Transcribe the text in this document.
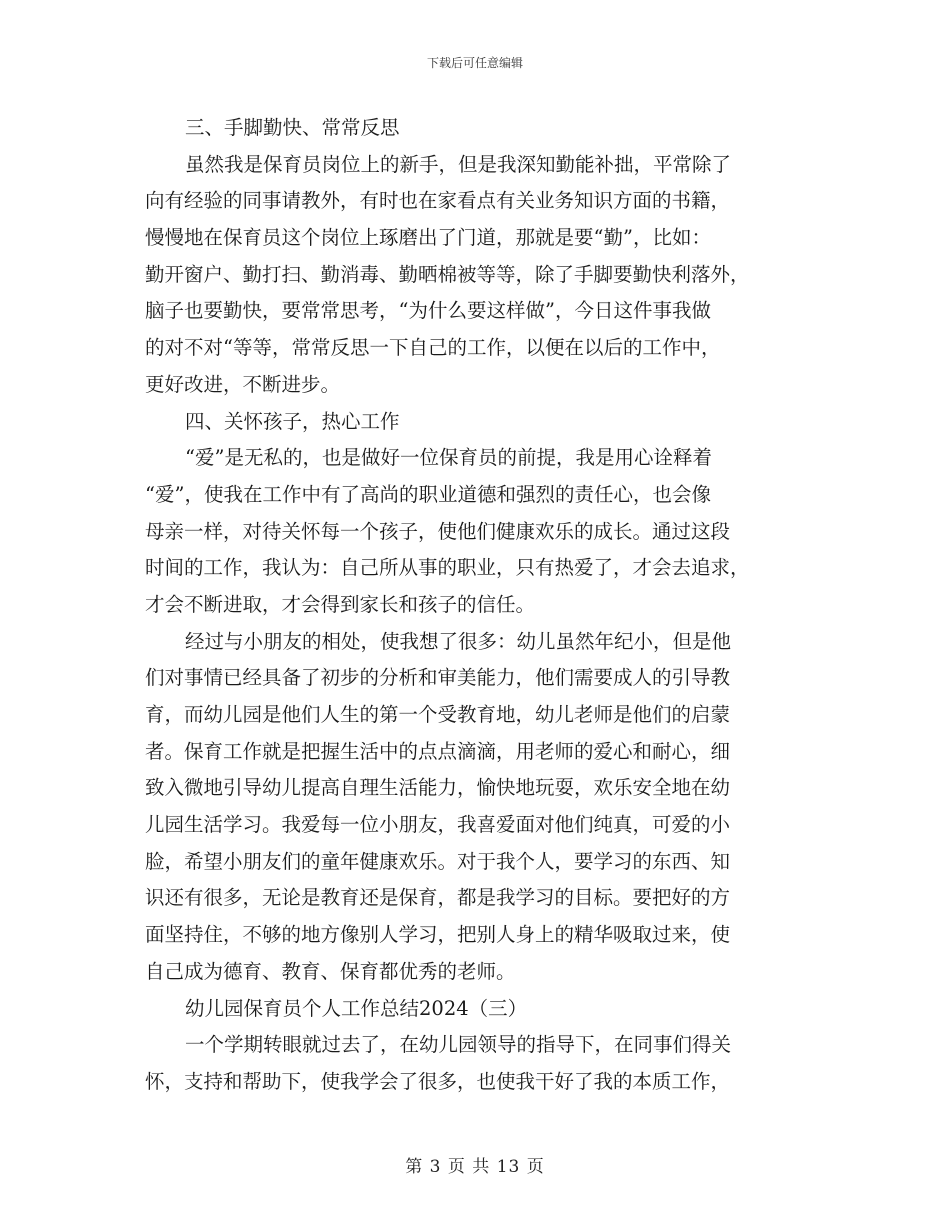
下载后可任意编辑
三、手脚勤快、常常反思
虽然我是保育员岗位上的新手，但是我深知勤能补拙，平常除了
向有经验的同事请教外，有时也在家看点有关业务知识方面的书籍，
慢慢地在保育员这个岗位上琢磨出了门道，那就是要“勤”，比如：
勤开窗户、勤打扫、勤消毒、勤晒棉被等等，除了手脚要勤快利落外，
脑子也要勤快，要常常思考，“为什么要这样做”，今日这件事我做
的对不对“等等，常常反思一下自己的工作，以便在以后的工作中，
更好改进，不断进步。
四、关怀孩子，热心工作
“爱”是无私的，也是做好一位保育员的前提，我是用心诠释着
“爱”，使我在工作中有了高尚的职业道德和强烈的责任心，也会像
母亲一样，对待关怀每一个孩子，使他们健康欢乐的成长。通过这段
时间的工作，我认为：自己所从事的职业，只有热爱了，才会去追求，
才会不断进取，才会得到家长和孩子的信任。
经过与小朋友的相处，使我想了很多：幼儿虽然年纪小，但是他
们对事情已经具备了初步的分析和审美能力，他们需要成人的引导教
育，而幼儿园是他们人生的第一个受教育地，幼儿老师是他们的启蒙
者。保育工作就是把握生活中的点点滴滴，用老师的爱心和耐心，细
致入微地引导幼儿提高自理生活能力，愉快地玩耍，欢乐安全地在幼
儿园生活学习。我爱每一位小朋友，我喜爱面对他们纯真，可爱的小
脸，希望小朋友们的童年健康欢乐。对于我个人，要学习的东西、知
识还有很多，无论是教育还是保育，都是我学习的目标。要把好的方
面坚持住，不够的地方像别人学习，把别人身上的精华吸取过来，使
自己成为德育、教育、保育都优秀的老师。
幼儿园保育员个人工作总结2024（三）
一个学期转眼就过去了，在幼儿园领导的指导下，在同事们得关
怀，支持和帮助下，使我学会了很多，也使我干好了我的本质工作，
第 3 页 共 13 页
